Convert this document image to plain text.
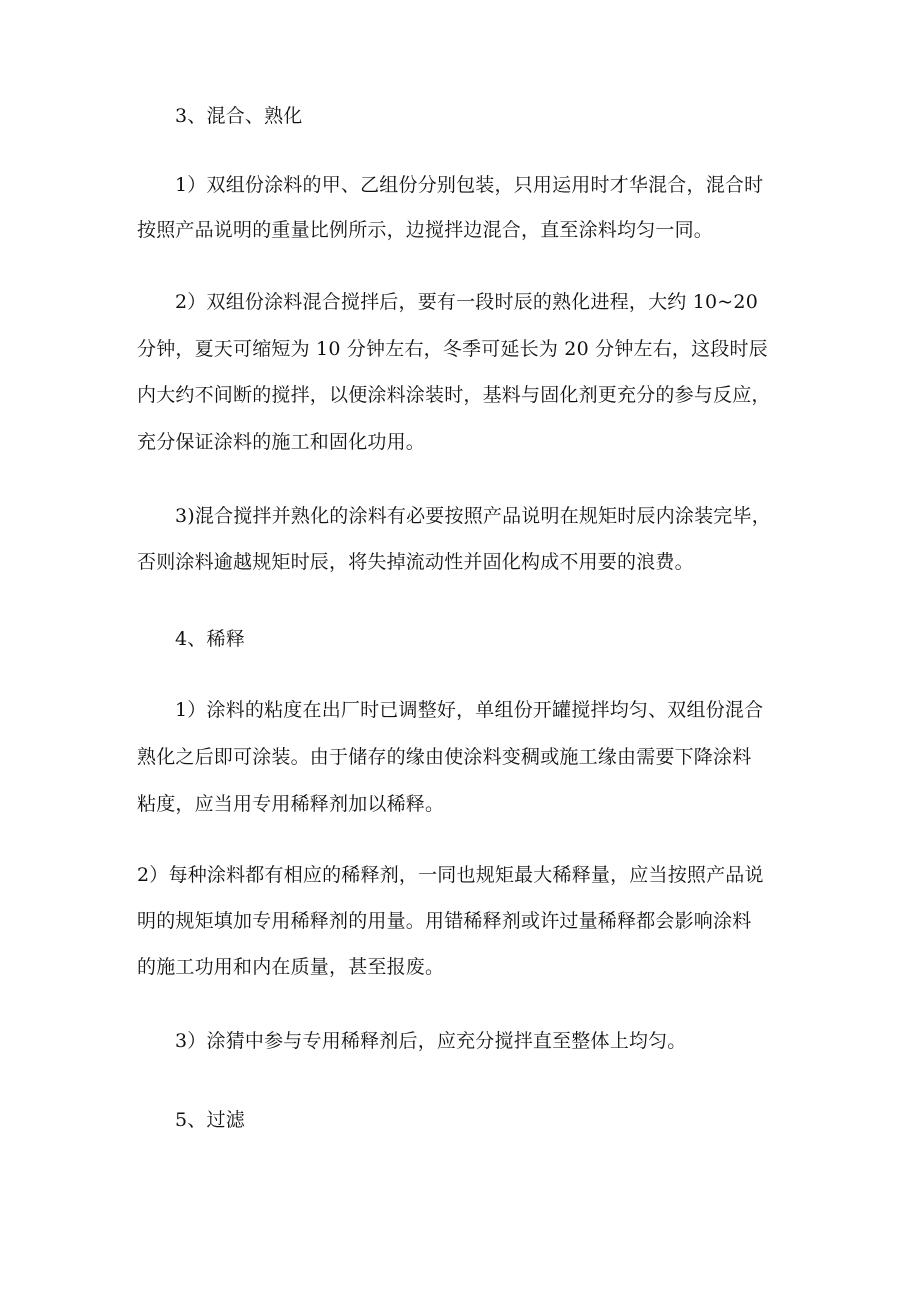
3、混合、熟化
1）双组份涂料的甲、乙组份分别包装，只用运用时才华混合，混合时
按照产品说明的重量比例所示，边搅拌边混合，直至涂料均匀一同。
2）双组份涂料混合搅拌后，要有一段时辰的熟化进程，大约 10~20
分钟，夏天可缩短为 10 分钟左右，冬季可延长为 20 分钟左右，这段时辰
内大约不间断的搅拌，以便涂料涂装时，基料与固化剂更充分的参与反应，
充分保证涂料的施工和固化功用。
3)混合搅拌并熟化的涂料有必要按照产品说明在规矩时辰内涂装完毕，
否则涂料逾越规矩时辰，将失掉流动性并固化构成不用要的浪费。
4、稀释
1）涂料的粘度在出厂时已调整好，单组份开罐搅拌均匀、双组份混合
熟化之后即可涂装。由于储存的缘由使涂料变稠或施工缘由需要下降涂料
粘度，应当用专用稀释剂加以稀释。
2）每种涂料都有相应的稀释剂，一同也规矩最大稀释量，应当按照产品说
明的规矩填加专用稀释剂的用量。用错稀释剂或许过量稀释都会影响涂料
的施工功用和内在质量，甚至报废。
3）涂猜中参与专用稀释剂后，应充分搅拌直至整体上均匀。
5、过滤
